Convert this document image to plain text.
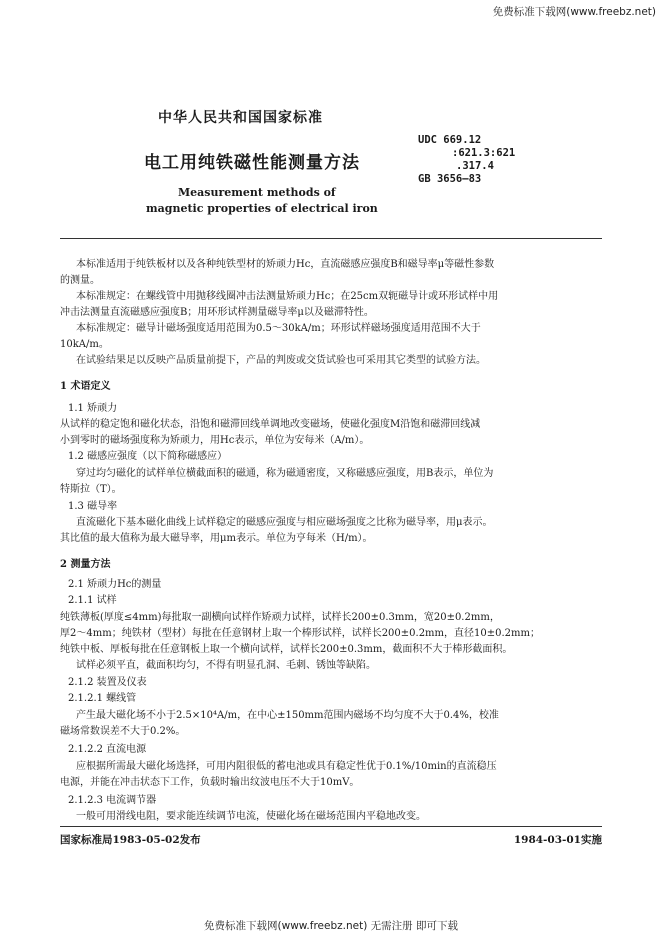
免费标准下载网(www.freebz.net)
中华人民共和国国家标准
电工用纯铁磁性能测量方法
Measurement methods of
magnetic properties of electrical iron
UDC 669.12
:621.3:621
.317.4
GB 3656—83
本标准适用于纯铁板材以及各种纯铁型材的矫顽力Hc，直流磁感应强度B和磁导率μ等磁性参数
的测量。
本标准规定：在螺线管中用抛移线圈冲击法测量矫顽力Hc；在25cm双轭磁导计或环形试样中用
冲击法测量直流磁感应强度B；用环形试样测量磁导率μ以及磁滞特性。
本标准规定：磁导计磁场强度适用范围为0.5～30kA/m；环形试样磁场强度适用范围不大于
10kA/m。
在试验结果足以反映产品质量前提下，产品的判废或交货试验也可采用其它类型的试验方法。
1 术语定义
1.1 矫顽力
从试样的稳定饱和磁化状态，沿饱和磁滞回线单调地改变磁场，使磁化强度M沿饱和磁滞回线减
小到零时的磁场强度称为矫顽力，用Hc表示，单位为安每米（A/m）。
1.2 磁感应强度（以下简称磁感应）
穿过均匀磁化的试样单位横截面积的磁通，称为磁通密度，又称磁感应强度，用B表示，单位为
特斯拉（T）。
1.3 磁导率
直流磁化下基本磁化曲线上试样稳定的磁感应强度与相应磁场强度之比称为磁导率，用μ表示。
其比值的最大值称为最大磁导率，用μm表示。单位为亨每米（H/m）。
2 测量方法
2.1 矫顽力Hc的测量
2.1.1 试样
纯铁薄板(厚度≤4mm)每批取一副横向试样作矫顽力试样，试样长200±0.3mm，宽20±0.2mm，
厚2～4mm；纯铁材（型材）每批在任意钢材上取一个棒形试样，试样长200±0.2mm，直径10±0.2mm；
纯铁中板、厚板每批在任意钢板上取一个横向试样，试样长200±0.3mm，截面积不大于棒形截面积。
试样必须平直，截面积均匀，不得有明显孔洞、毛刺、锈蚀等缺陷。
2.1.2 装置及仪表
2.1.2.1 螺线管
产生最大磁化场不小于2.5×10⁴A/m，在中心±150mm范围内磁场不均匀度不大于0.4%，校准
磁场常数误差不大于0.2%。
2.1.2.2 直流电源
应根据所需最大磁化场选择，可用内阻很低的蓄电池或具有稳定性优于0.1%/10min的直流稳压
电源，并能在冲击状态下工作，负载时输出纹波电压不大于10mV。
2.1.2.3 电流调节器
一般可用滑线电阻，要求能连续调节电流，使磁化场在磁场范围内平稳地改变。
国家标准局1983-05-02发布	1984-03-01实施
免费标准下载网(www.freebz.net) 无需注册 即可下载
